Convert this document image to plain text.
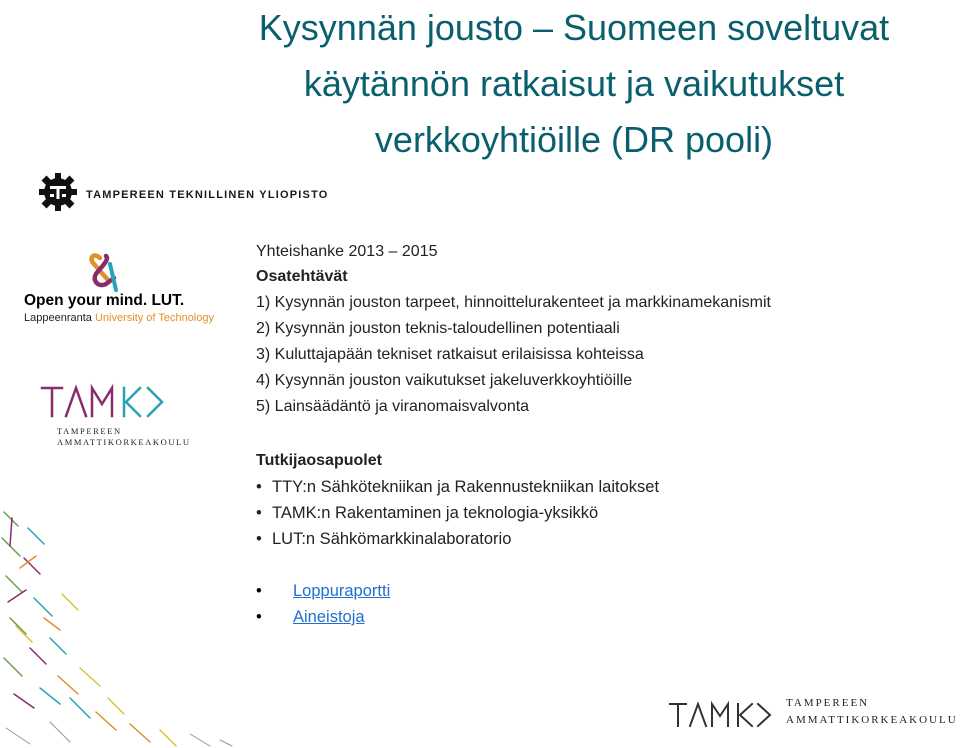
Kysynnän jousto – Suomeen soveltuvat
käytännön ratkaisut ja vaikutukset
verkkoyhtiöille (DR pooli)
TAMPEREEN TEKNILLINEN YLIOPISTO
Open your mind. LUT.
Lappeenranta University of Technology
TAMPEREEN
AMMATTIKORKEAKOULU
Yhteishanke 2013 – 2015
Osatehtävät
1) Kysynnän jouston tarpeet, hinnoittelurakenteet ja markkinamekanismit
2) Kysynnän jouston teknis-taloudellinen potentiaali
3) Kuluttajapään tekniset ratkaisut erilaisissa kohteissa
4) Kysynnän jouston vaikutukset jakeluverkkoyhtiöille
5) Lainsäädäntö ja viranomaisvalvonta
Tutkijaosapuolet
• TTY:n Sähkötekniikan ja Rakennustekniikan laitokset
• TAMK:n Rakentaminen ja teknologia-yksikkö
• LUT:n Sähkömarkkinalaboratorio
• Loppuraportti
• Aineistoja
TAMPEREEN
AMMATTIKORKEAKOULU
